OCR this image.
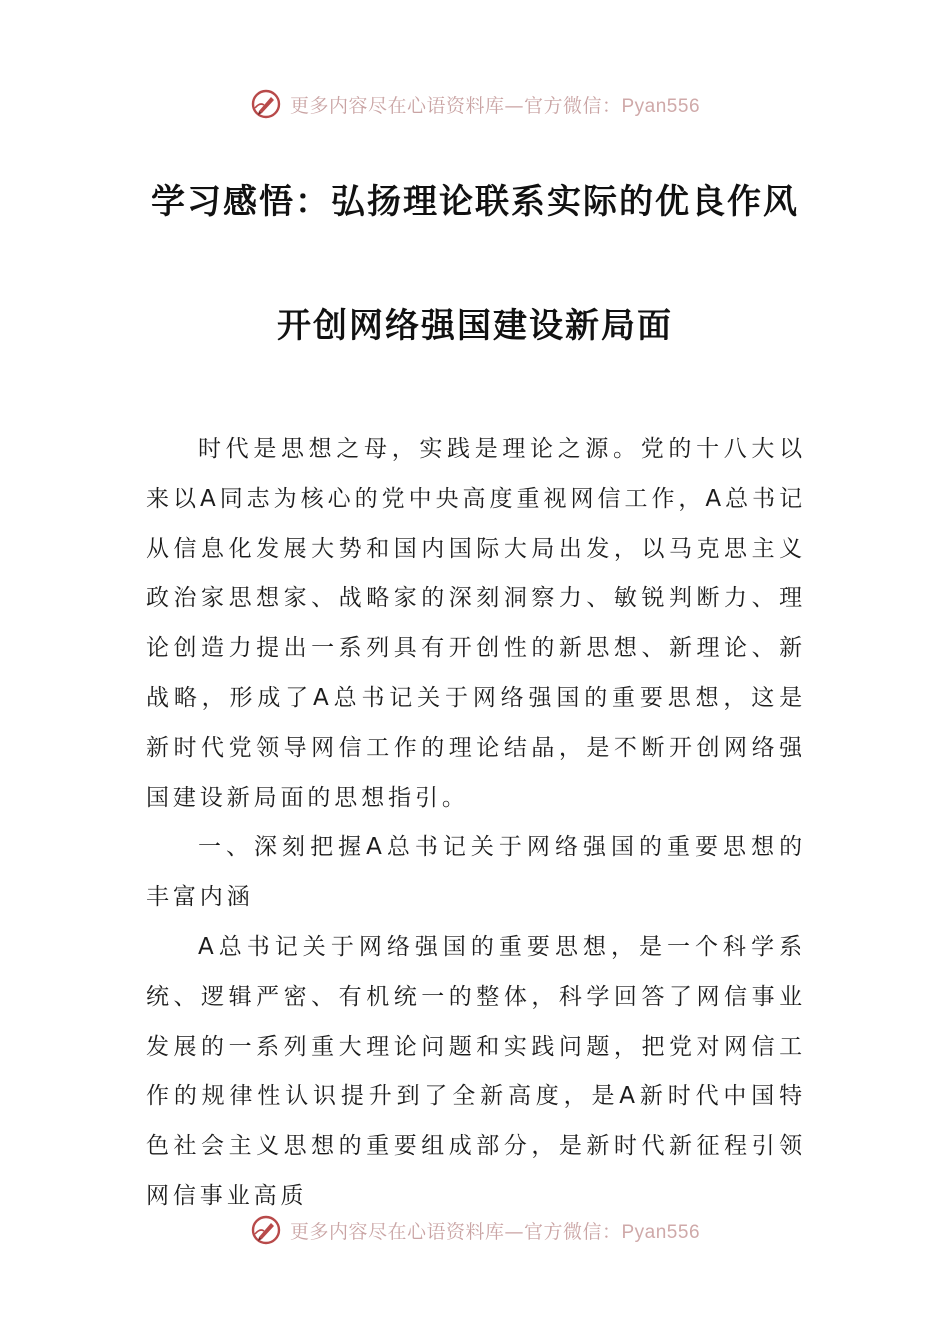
更多内容尽在心语资料库—官方微信：Pyan556
学习感悟：弘扬理论联系实际的优良作风
开创网络强国建设新局面

时代是思想之母，实践是理论之源。党的十八大以来以A同志为核心的党中央高度重视网信工作，A总书记从信息化发展大势和国内国际大局出发，以马克思主义政治家思想家、战略家的深刻洞察力、敏锐判断力、理论创造力提出一系列具有开创性的新思想、新理论、新战略，形成了A总书记关于网络强国的重要思想，这是新时代党领导网信工作的理论结晶，是不断开创网络强国建设新局面的思想指引。

一、深刻把握A总书记关于网络强国的重要思想的丰富内涵

A总书记关于网络强国的重要思想，是一个科学系统、逻辑严密、有机统一的整体，科学回答了网信事业发展的一系列重大理论问题和实践问题，把党对网信工作的规律性认识提升到了全新高度，是A新时代中国特色社会主义思想的重要组成部分，是新时代新征程引领网信事业高质

更多内容尽在心语资料库—官方微信：Pyan556
